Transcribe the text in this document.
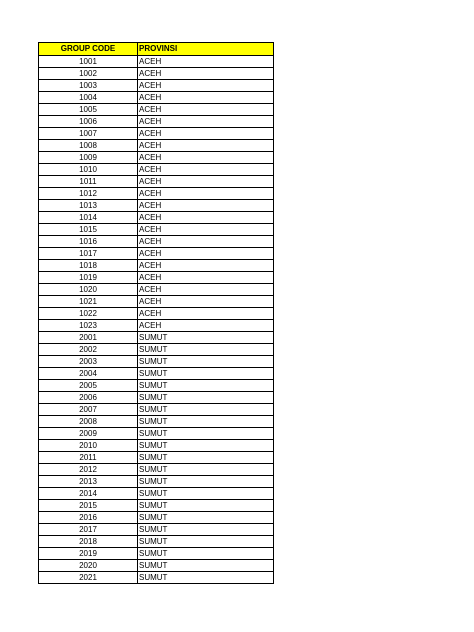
GROUP CODE	PROVINSI
1001	ACEH
1002	ACEH
1003	ACEH
1004	ACEH
1005	ACEH
1006	ACEH
1007	ACEH
1008	ACEH
1009	ACEH
1010	ACEH
1011	ACEH
1012	ACEH
1013	ACEH
1014	ACEH
1015	ACEH
1016	ACEH
1017	ACEH
1018	ACEH
1019	ACEH
1020	ACEH
1021	ACEH
1022	ACEH
1023	ACEH
2001	SUMUT
2002	SUMUT
2003	SUMUT
2004	SUMUT
2005	SUMUT
2006	SUMUT
2007	SUMUT
2008	SUMUT
2009	SUMUT
2010	SUMUT
2011	SUMUT
2012	SUMUT
2013	SUMUT
2014	SUMUT
2015	SUMUT
2016	SUMUT
2017	SUMUT
2018	SUMUT
2019	SUMUT
2020	SUMUT
2021	SUMUT
